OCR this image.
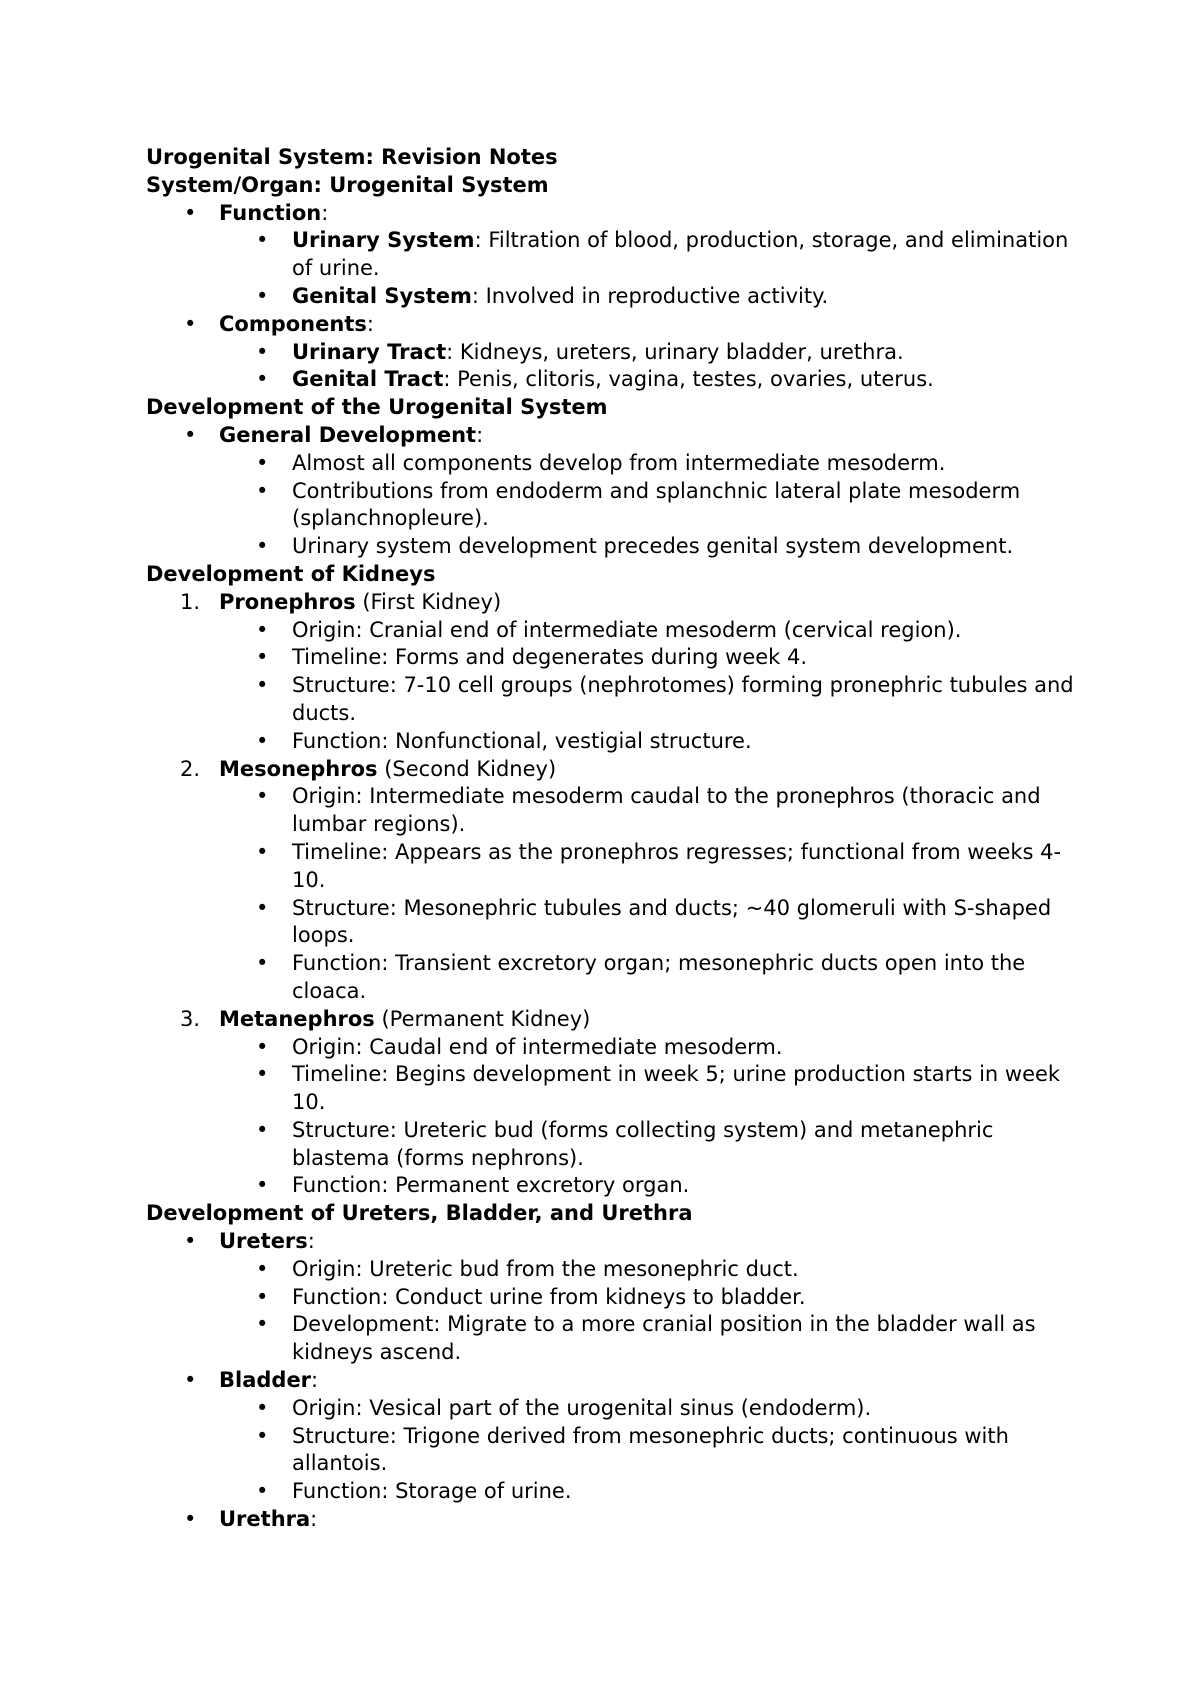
Urogenital System: Revision Notes
System/Organ: Urogenital System
• Function:
• Urinary System: Filtration of blood, production, storage, and elimination of urine.
• Genital System: Involved in reproductive activity.
• Components:
• Urinary Tract: Kidneys, ureters, urinary bladder, urethra.
• Genital Tract: Penis, clitoris, vagina, testes, ovaries, uterus.
Development of the Urogenital System
• General Development:
• Almost all components develop from intermediate mesoderm.
• Contributions from endoderm and splanchnic lateral plate mesoderm (splanchnopleure).
• Urinary system development precedes genital system development.
Development of Kidneys
1. Pronephros (First Kidney)
• Origin: Cranial end of intermediate mesoderm (cervical region).
• Timeline: Forms and degenerates during week 4.
• Structure: 7-10 cell groups (nephrotomes) forming pronephric tubules and ducts.
• Function: Nonfunctional, vestigial structure.
2. Mesonephros (Second Kidney)
• Origin: Intermediate mesoderm caudal to the pronephros (thoracic and lumbar regions).
• Timeline: Appears as the pronephros regresses; functional from weeks 4-10.
• Structure: Mesonephric tubules and ducts; ~40 glomeruli with S-shaped loops.
• Function: Transient excretory organ; mesonephric ducts open into the cloaca.
3. Metanephros (Permanent Kidney)
• Origin: Caudal end of intermediate mesoderm.
• Timeline: Begins development in week 5; urine production starts in week 10.
• Structure: Ureteric bud (forms collecting system) and metanephric blastema (forms nephrons).
• Function: Permanent excretory organ.
Development of Ureters, Bladder, and Urethra
• Ureters:
• Origin: Ureteric bud from the mesonephric duct.
• Function: Conduct urine from kidneys to bladder.
• Development: Migrate to a more cranial position in the bladder wall as kidneys ascend.
• Bladder:
• Origin: Vesical part of the urogenital sinus (endoderm).
• Structure: Trigone derived from mesonephric ducts; continuous with allantois.
• Function: Storage of urine.
• Urethra:
